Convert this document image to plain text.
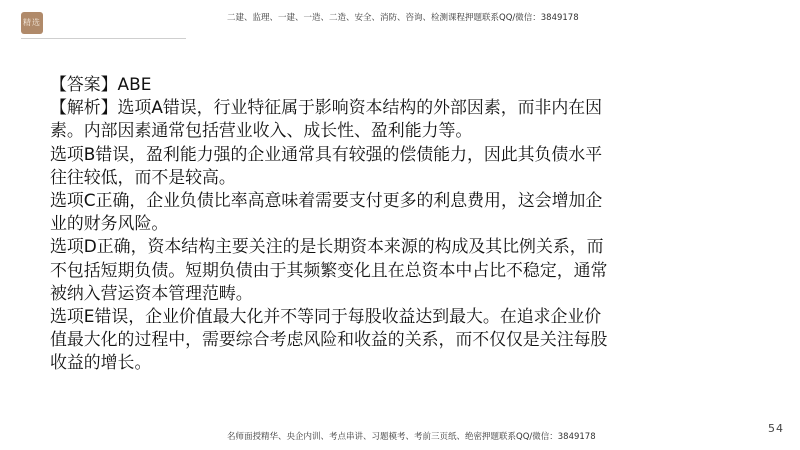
精选	二建、监理、一建、一造、二造、安全、消防、咨询、检测课程押题联系QQ/微信：3849178

【答案】ABE

【解析】选项A错误，行业特征属于影响资本结构的外部因素，而非内在因素。内部因素通常包括营业收入、成长性、盈利能力等。

选项B错误，盈利能力强的企业通常具有较强的偿债能力，因此其负债水平往往较低，而不是较高。

选项C正确，企业负债比率高意味着需要支付更多的利息费用，这会增加企业的财务风险。

选项D正确，资本结构主要关注的是长期资本来源的构成及其比例关系，而不包括短期负债。短期负债由于其频繁变化且在总资本中占比不稳定，通常被纳入营运资本管理范畴。

选项E错误，企业价值最大化并不等同于每股收益达到最大。在追求企业价值最大化的过程中，需要综合考虑风险和收益的关系，而不仅仅是关注每股收益的增长。

54
名师面授精华、央企内训、考点串讲、习题模考、考前三页纸、绝密押题联系QQ/微信：3849178
